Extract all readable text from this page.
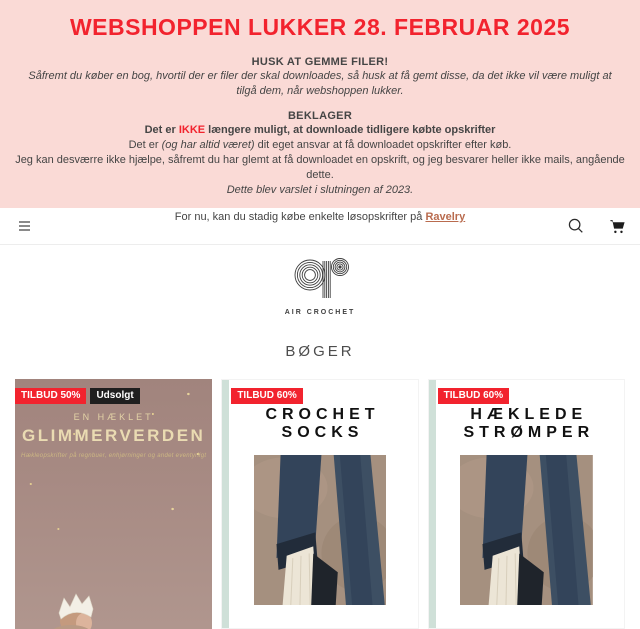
WEBSHOPPEN LUKKER 28. FEBRUAR 2025

HUSK AT GEMME FILER!

Såfremt du køber en bog, hvortil der er filer der skal downloades, så husk at få gemt disse, da det ikke vil være muligt at tilgå dem, når webshoppen lukker.

BEKLAGER

Det er IKKE længere muligt, at downloade tidligere købte opskrifter

Det er (og har altid været) dit eget ansvar at få downloadet opskrifter efter køb.

Jeg kan desværre ikke hjælpe, såfremt du har glemt at få downloadet en opskrift, og jeg besvarer heller ikke mails, angående dette.

Dette blev varslet i slutningen af 2023.

For nu, kan du stadig købe enkelte løsopskrifter på Ravelry

AIR CROCHET
BØGER
TILBUD 50%	Udsolgt
EN HÆKLET
GLIMMERVERDEN
Hækleopskrifter på regnbuer, enhjørninger og andet eventyrligt
TILBUD 60%
CROCHET
SOCKS
TILBUD 60%
HÆKLEDE
STRØMPER
